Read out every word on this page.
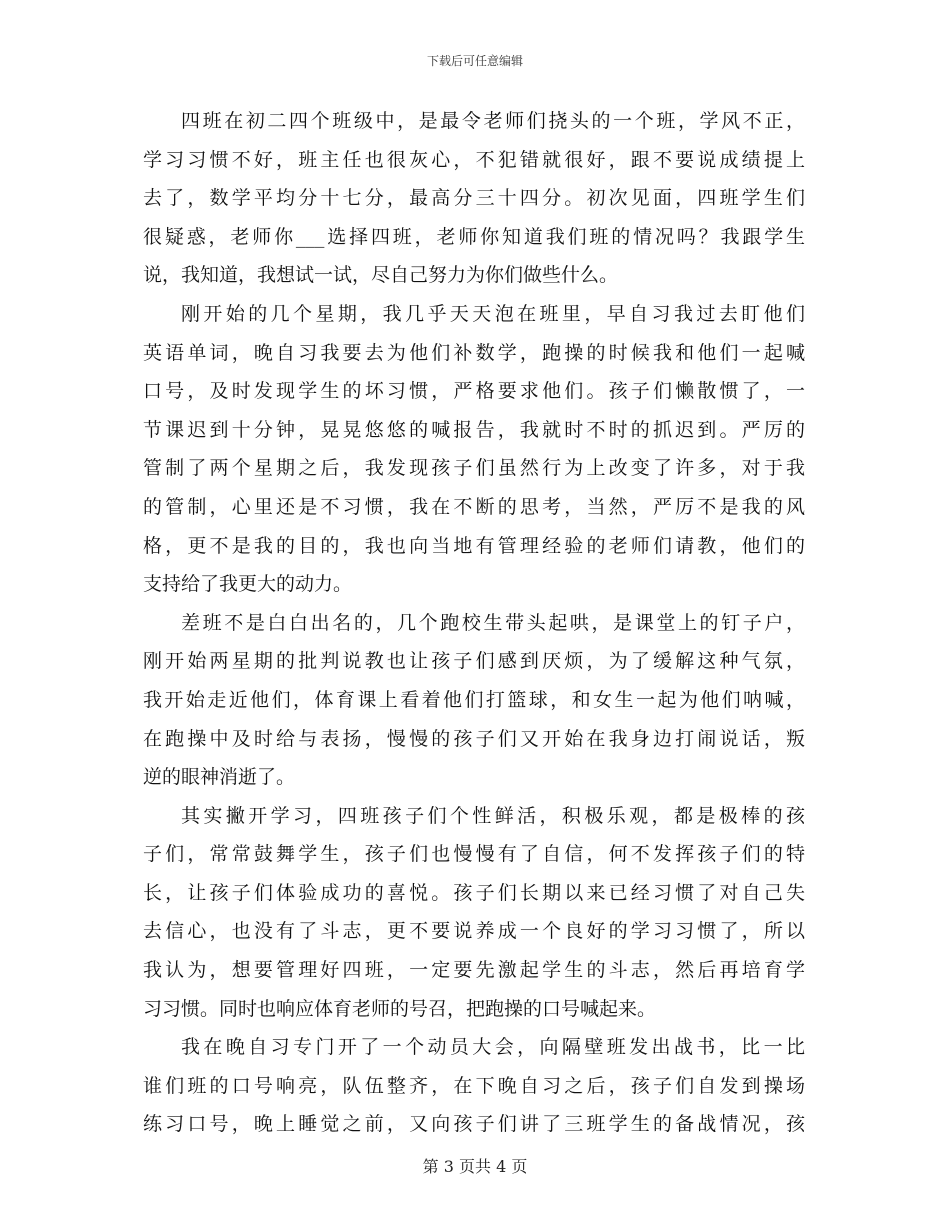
下载后可任意编辑

四班在初二四个班级中，是最令老师们挠头的一个班，学风不正，
学习习惯不好，班主任也很灰心，不犯错就很好，跟不要说成绩提上
去了，数学平均分十七分，最高分三十四分。初次见面，四班学生们
很疑惑，老师你___选择四班，老师你知道我们班的情况吗？我跟学生
说，我知道，我想试一试，尽自己努力为你们做些什么。

刚开始的几个星期，我几乎天天泡在班里，早自习我过去盯他们
英语单词，晚自习我要去为他们补数学，跑操的时候我和他们一起喊
口号，及时发现学生的坏习惯，严格要求他们。孩子们懒散惯了，一
节课迟到十分钟，晃晃悠悠的喊报告，我就时不时的抓迟到。严厉的
管制了两个星期之后，我发现孩子们虽然行为上改变了许多，对于我
的管制，心里还是不习惯，我在不断的思考，当然，严厉不是我的风
格，更不是我的目的，我也向当地有管理经验的老师们请教，他们的
支持给了我更大的动力。

差班不是白白出名的，几个跑校生带头起哄，是课堂上的钉子户，
刚开始两星期的批判说教也让孩子们感到厌烦，为了缓解这种气氛，
我开始走近他们，体育课上看着他们打篮球，和女生一起为他们呐喊，
在跑操中及时给与表扬，慢慢的孩子们又开始在我身边打闹说话，叛
逆的眼神消逝了。

其实撇开学习，四班孩子们个性鲜活，积极乐观，都是极棒的孩
子们，常常鼓舞学生，孩子们也慢慢有了自信，何不发挥孩子们的特
长，让孩子们体验成功的喜悦。孩子们长期以来已经习惯了对自己失
去信心，也没有了斗志，更不要说养成一个良好的学习习惯了，所以
我认为，想要管理好四班，一定要先激起学生的斗志，然后再培育学
习习惯。同时也响应体育老师的号召，把跑操的口号喊起来。

我在晚自习专门开了一个动员大会，向隔壁班发出战书，比一比
谁们班的口号响亮，队伍整齐，在下晚自习之后，孩子们自发到操场
练习口号，晚上睡觉之前，又向孩子们讲了三班学生的备战情况，孩

第 3 页共 4 页
